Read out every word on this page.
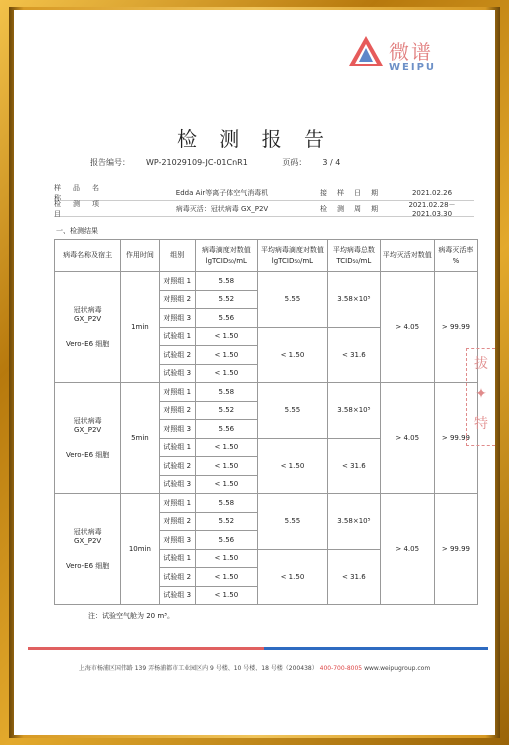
微谱
WEIPU
检 测 报 告
报告编号： WP-21029109-JC-01CnR1	页码： 3 / 4
样品名称
Edda Air等离子体空气消毒机	接样日期	2021.02.26
检测项目
病毒灭活：冠状病毒 GX_P2V	检测周期	2021.02.28－2021.03.30
一、检测结果
病毒名称及宿主	作用时间	组别	病毒滴度对数值 lgTCID₅₀/mL	平均病毒滴度对数值 lgTCID₅₀/mL	平均病毒总数 TCID₅₀/mL	平均灭活对数值	病毒灭活率 %

冠状病毒
GX_P2V
Vero-E6 细胞	1min	对照组 1	5.58	5.55	3.58×10⁵	> 4.05	> 99.99
		对照组 2	5.52				
		对照组 3	5.56				
		试验组 1	< 1.50	< 1.50	< 31.6		
		试验组 2	< 1.50				
		试验组 3	< 1.50				

冠状病毒
GX_P2V
Vero-E6 细胞	5min	对照组 1	5.58	5.55	3.58×10⁵	> 4.05	> 99.99
		对照组 2	5.52				
		对照组 3	5.56				
		试验组 1	< 1.50	< 1.50	< 31.6		
		试验组 2	< 1.50				
		试验组 3	< 1.50				

冠状病毒
GX_P2V
Vero-E6 细胞	10min	对照组 1	5.58	5.55	3.58×10⁵	> 4.05	> 99.99
		对照组 2	5.52				
		对照组 3	5.56				
		试验组 1	< 1.50	< 1.50	< 31.6		
		试验组 2	< 1.50				
		试验组 3	< 1.50				
注：试验空气舱为 20 m³。
上海市杨浦区国伟路 139 弄杨浦都市工业园区内 9 号楼、10 号楼、18 号楼（200438） 400-700-8005 www.weipugroup.com
拔
✦
特
